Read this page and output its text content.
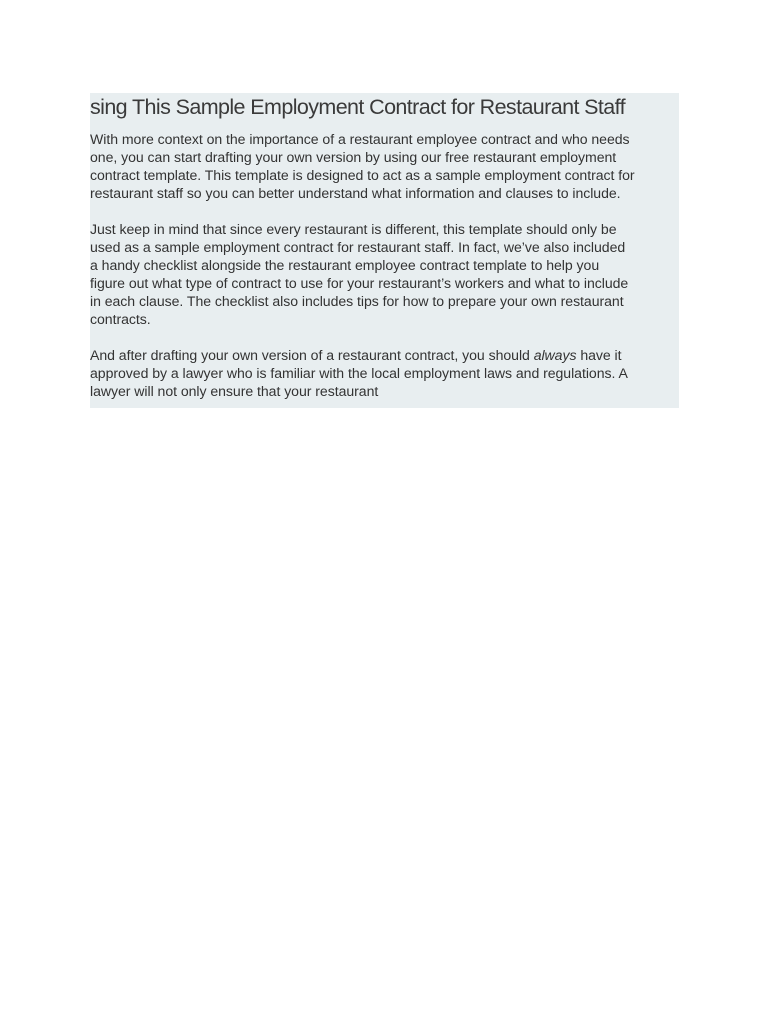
sing This Sample Employment Contract for Restaurant Staff

With more context on the importance of a restaurant employee contract and who needs
one, you can start drafting your own version by using our free restaurant employment
contract template. This template is designed to act as a sample employment contract for
restaurant staff so you can better understand what information and clauses to include.

Just keep in mind that since every restaurant is different, this template should only be
used as a sample employment contract for restaurant staff. In fact, we’ve also included
a handy checklist alongside the restaurant employee contract template to help you
figure out what type of contract to use for your restaurant’s workers and what to include
in each clause. The checklist also includes tips for how to prepare your own restaurant
contracts.

And after drafting your own version of a restaurant contract, you should always have it
approved by a lawyer who is familiar with the local employment laws and regulations. A
lawyer will not only ensure that your restaurant
